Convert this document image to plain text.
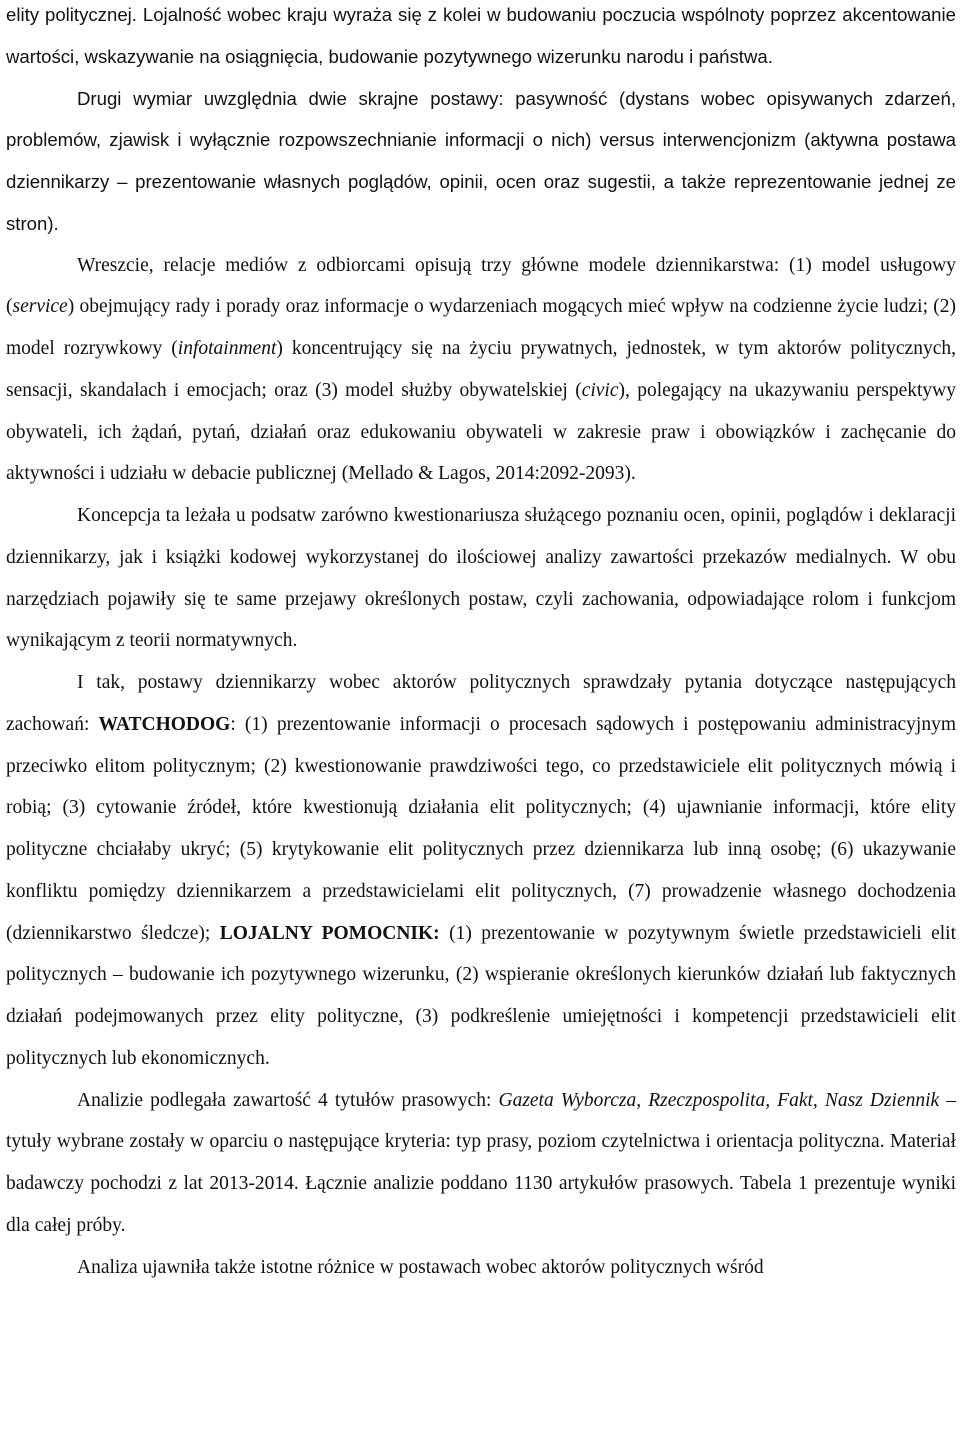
elity politycznej. Lojalność wobec kraju wyraża się z kolei w budowaniu poczucia wspólnoty poprzez akcentowanie wartości, wskazywanie na osiągnięcia, budowanie pozytywnego wizerunku narodu i państwa.

Drugi wymiar uwzględnia dwie skrajne postawy: pasywność (dystans wobec opisywanych zdarzeń, problemów, zjawisk i wyłącznie rozpowszechnianie informacji o nich) versus interwencjonizm (aktywna postawa dziennikarzy – prezentowanie własnych poglądów, opinii, ocen oraz sugestii, a także reprezentowanie jednej ze stron).

Wreszcie, relacje mediów z odbiorcami opisują trzy główne modele dziennikarstwa: (1) model usługowy (service) obejmujący rady i porady oraz informacje o wydarzeniach mogących mieć wpływ na codzienne życie ludzi; (2) model rozrywkowy (infotainment) koncentrujący się na życiu prywatnych, jednostek, w tym aktorów politycznych, sensacji, skandalach i emocjach; oraz (3) model służby obywatelskiej (civic), polegający na ukazywaniu perspektywy obywateli, ich żądań, pytań, działań oraz edukowaniu obywateli w zakresie praw i obowiązków i zachęcanie do aktywności i udziału w debacie publicznej (Mellado & Lagos, 2014:2092-2093).

Koncepcja ta leżała u podsatw zarówno kwestionariusza służącego poznaniu ocen, opinii, poglądów i deklaracji dziennikarzy, jak i książki kodowej wykorzystanej do ilościowej analizy zawartości przekazów medialnych. W obu narzędziach pojawiły się te same przejawy określonych postaw, czyli zachowania, odpowiadające rolom i funkcjom wynikającym z teorii normatywnych.

I tak, postawy dziennikarzy wobec aktorów politycznych sprawdzały pytania dotyczące następujących zachowań: WATCHODOG: (1) prezentowanie informacji o procesach sądowych i postępowaniu administracyjnym przeciwko elitom politycznym; (2) kwestionowanie prawdziwości tego, co przedstawiciele elit politycznych mówią i robią; (3) cytowanie źródeł, które kwestionują działania elit politycznych; (4) ujawnianie informacji, które elity polityczne chciałaby ukryć; (5) krytykowanie elit politycznych przez dziennikarza lub inną osobę; (6) ukazywanie konfliktu pomiędzy dziennikarzem a przedstawicielami elit politycznych, (7) prowadzenie własnego dochodzenia (dziennikarstwo śledcze); LOJALNY POMOCNIK: (1) prezentowanie w pozytywnym świetle przedstawicieli elit politycznych – budowanie ich pozytywnego wizerunku, (2) wspieranie określonych kierunków działań lub faktycznych działań podejmowanych przez elity polityczne, (3) podkreślenie umiejętności i kompetencji przedstawicieli elit politycznych lub ekonomicznych.

Analizie podlegała zawartość 4 tytułów prasowych: Gazeta Wyborcza, Rzeczpospolita, Fakt, Nasz Dziennik – tytuły wybrane zostały w oparciu o następujące kryteria: typ prasy, poziom czytelnictwa i orientacja polityczna. Materiał badawczy pochodzi z lat 2013-2014. Łącznie analizie poddano 1130 artykułów prasowych. Tabela 1 prezentuje wyniki dla całej próby.

Analiza ujawniła także istotne różnice w postawach wobec aktorów politycznych wśród
